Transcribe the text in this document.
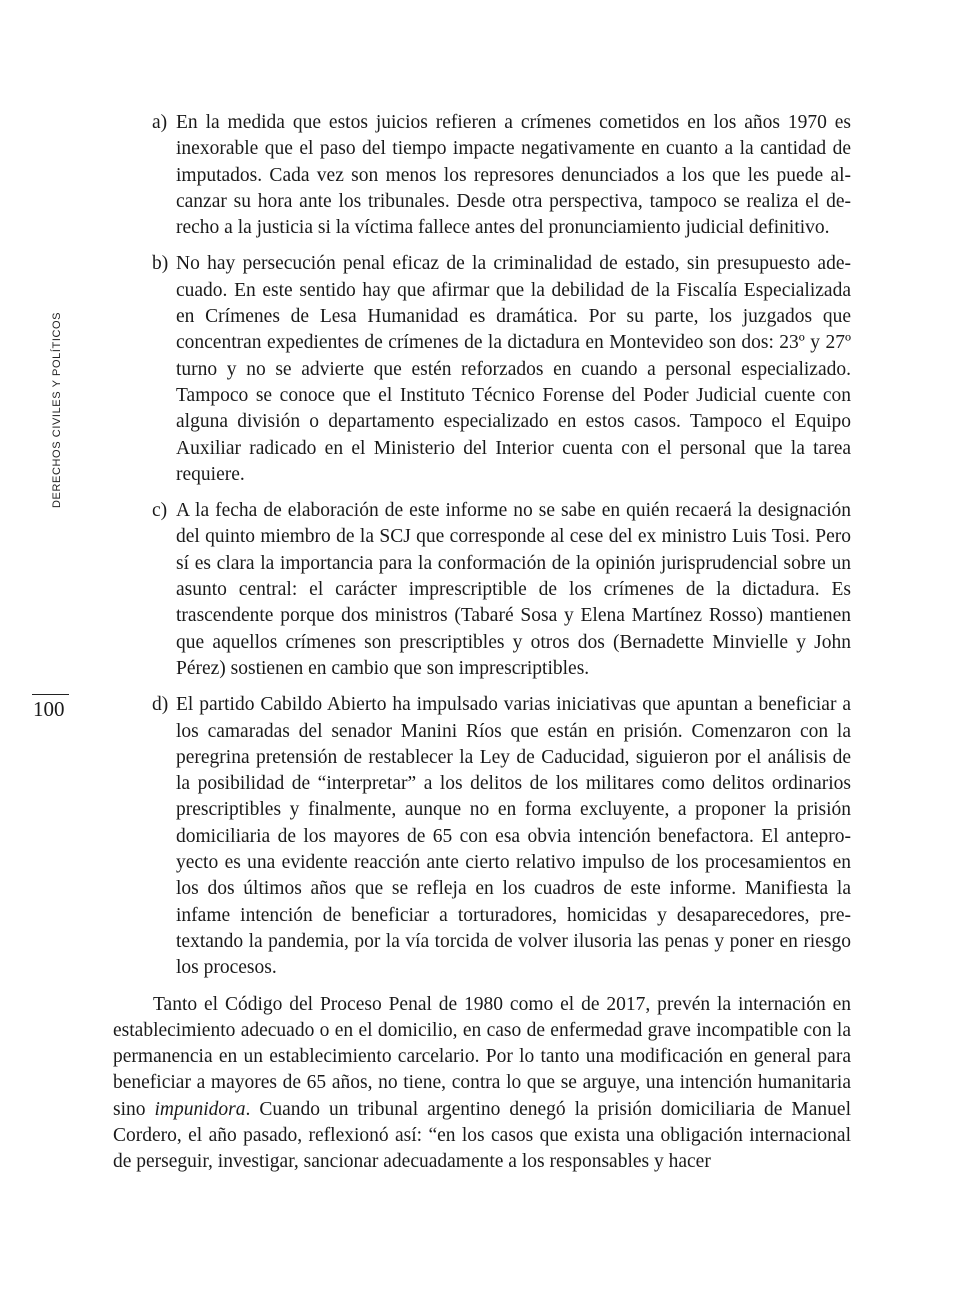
DERECHOS CIVILES Y POLÍTICOS
100
a) En la medida que estos juicios refieren a crímenes cometidos en los años 1970 es inexorable que el paso del tiempo impacte negativamente en cuanto a la cantidad de imputados. Cada vez son menos los represores denunciados a los que les puede alcanzar su hora ante los tribunales. Desde otra perspectiva, tampoco se realiza el derecho a la justicia si la víctima fallece antes del pronunciamiento judicial definitivo.
b) No hay persecución penal eficaz de la criminalidad de estado, sin presupuesto adecuado. En este sentido hay que afirmar que la debilidad de la Fiscalía Especializada en Crímenes de Lesa Humanidad es dramática. Por su parte, los juzgados que concentran expedientes de crímenes de la dictadura en Montevideo son dos: 23º y 27º turno y no se advierte que estén reforzados en cuando a personal especializado. Tampoco se conoce que el Instituto Técnico Forense del Poder Judicial cuente con alguna división o departamento especializado en estos casos. Tampoco el Equipo Auxiliar radicado en el Ministerio del Interior cuenta con el personal que la tarea requiere.
c) A la fecha de elaboración de este informe no se sabe en quién recaerá la designación del quinto miembro de la SCJ que corresponde al cese del ex ministro Luis Tosi. Pero sí es clara la importancia para la conformación de la opinión jurisprudencial sobre un asunto central: el carácter imprescriptible de los crímenes de la dictadura. Es trascendente porque dos ministros (Tabaré Sosa y Elena Martínez Rosso) mantienen que aquellos crímenes son prescriptibles y otros dos (Bernadette Minvielle y John Pérez) sostienen en cambio que son imprescriptibles.
d) El partido Cabildo Abierto ha impulsado varias iniciativas que apuntan a beneficiar a los camaradas del senador Manini Ríos que están en prisión. Comenzaron con la peregrina pretensión de restablecer la Ley de Caducidad, siguieron por el análisis de la posibilidad de “interpretar” a los delitos de los militares como delitos ordinarios prescriptibles y finalmente, aunque no en forma excluyente, a proponer la prisión domiciliaria de los mayores de 65 con esa obvia intención benefactora. El anteproyecto es una evidente reacción ante cierto relativo impulso de los procesamientos en los dos últimos años que se refleja en los cuadros de este informe. Manifiesta la infame intención de beneficiar a torturadores, homicidas y desaparecedores, pretextando la pandemia, por la vía torcida de volver ilusoria las penas y poner en riesgo los procesos.

Tanto el Código del Proceso Penal de 1980 como el de 2017, prevén la internación en establecimiento adecuado o en el domicilio, en caso de enfermedad grave incompatible con la permanencia en un establecimiento carcelario. Por lo tanto una modificación en general para beneficiar a mayores de 65 años, no tiene, contra lo que se arguye, una intención humanitaria sino impunidora. Cuando un tribunal argentino denegó la prisión domiciliaria de Manuel Cordero, el año pasado, reflexionó así: “en los casos que exista una obligación internacional de perseguir, investigar, sancionar adecuadamente a los responsables y hacer
